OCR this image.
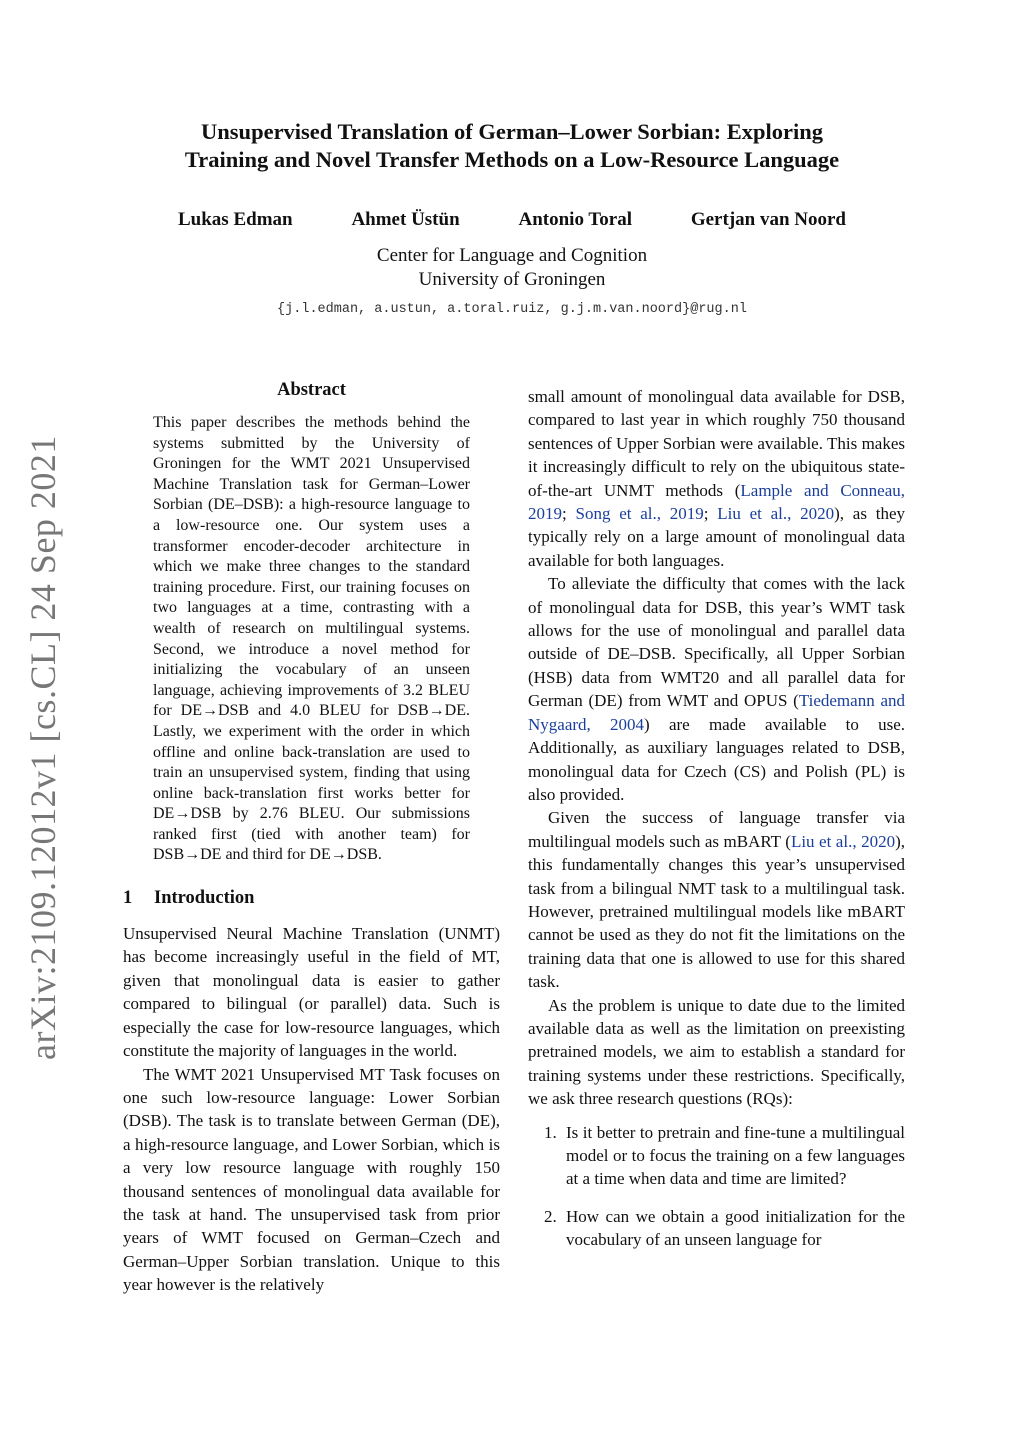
arXiv:2109.12012v1 [cs.CL] 24 Sep 2021
Unsupervised Translation of German–Lower Sorbian: Exploring
Training and Novel Transfer Methods on a Low-Resource Language
Lukas Edman	Ahmet Üstün	Antonio Toral	Gertjan van Noord
Center for Language and Cognition
University of Groningen
{j.l.edman, a.ustun, a.toral.ruiz, g.j.m.van.noord}@rug.nl
Abstract
This paper describes the methods behind the systems submitted by the University of Groningen for the WMT 2021 Unsupervised Machine Translation task for German–Lower Sorbian (DE–DSB): a high-resource language to a low-resource one. Our system uses a transformer encoder-decoder architecture in which we make three changes to the standard training procedure. First, our training focuses on two languages at a time, contrasting with a wealth of research on multilingual systems. Second, we introduce a novel method for initializing the vocabulary of an unseen language, achieving improvements of 3.2 BLEU for DE→DSB and 4.0 BLEU for DSB→DE. Lastly, we experiment with the order in which offline and online back-translation are used to train an unsupervised system, finding that using online back-translation first works better for DE→DSB by 2.76 BLEU. Our submissions ranked first (tied with another team) for DSB→DE and third for DE→DSB.
1 Introduction

Unsupervised Neural Machine Translation (UNMT) has become increasingly useful in the field of MT, given that monolingual data is easier to gather compared to bilingual (or parallel) data. Such is especially the case for low-resource languages, which constitute the majority of languages in the world.

The WMT 2021 Unsupervised MT Task focuses on one such low-resource language: Lower Sorbian (DSB). The task is to translate between German (DE), a high-resource language, and Lower Sorbian, which is a very low resource language with roughly 150 thousand sentences of monolingual data available for the task at hand. The unsupervised task from prior years of WMT focused on German–Czech and German–Upper Sorbian translation. Unique to this year however is the relatively

small amount of monolingual data available for DSB, compared to last year in which roughly 750 thousand sentences of Upper Sorbian were available. This makes it increasingly difficult to rely on the ubiquitous state-of-the-art UNMT methods (Lample and Conneau, 2019; Song et al., 2019; Liu et al., 2020), as they typically rely on a large amount of monolingual data available for both languages.

To alleviate the difficulty that comes with the lack of monolingual data for DSB, this year’s WMT task allows for the use of monolingual and parallel data outside of DE–DSB. Specifically, all Upper Sorbian (HSB) data from WMT20 and all parallel data for German (DE) from WMT and OPUS (Tiedemann and Nygaard, 2004) are made available to use. Additionally, as auxiliary languages related to DSB, monolingual data for Czech (CS) and Polish (PL) is also provided.

Given the success of language transfer via multilingual models such as mBART (Liu et al., 2020), this fundamentally changes this year’s unsupervised task from a bilingual NMT task to a multilingual task. However, pretrained multilingual models like mBART cannot be used as they do not fit the limitations on the training data that one is allowed to use for this shared task.

As the problem is unique to date due to the limited available data as well as the limitation on preexisting pretrained models, we aim to establish a standard for training systems under these restrictions. Specifically, we ask three research questions (RQs):

1. Is it better to pretrain and fine-tune a multilingual model or to focus the training on a few languages at a time when data and time are limited?
2. How can we obtain a good initialization for the vocabulary of an unseen language for
